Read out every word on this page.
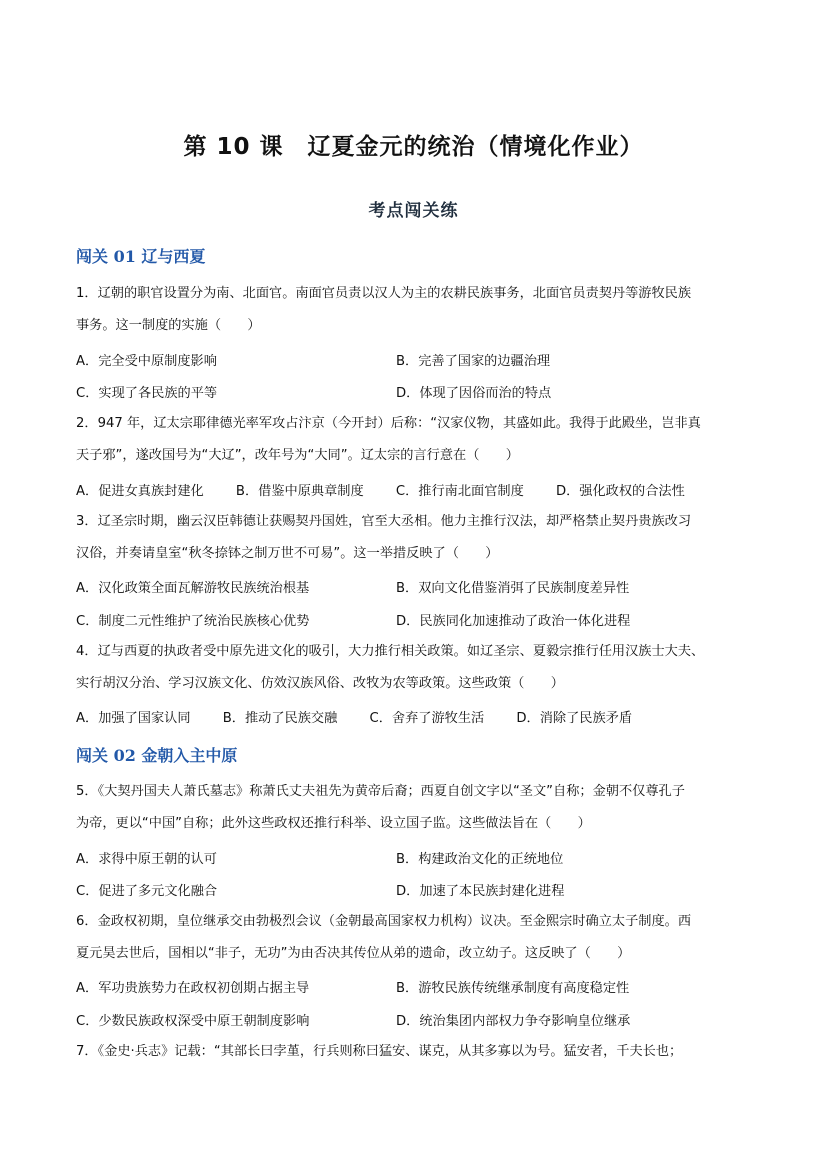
第 10 课　辽夏金元的统治（情境化作业）
考点闯关练
闯关 01 辽与西夏
1．辽朝的职官设置分为南、北面官。南面官员责以汉人为主的农耕民族事务，北面官员责契丹等游牧民族
事务。这一制度的实施（　　）
A．完全受中原制度影响	B．完善了国家的边疆治理
C．实现了各民族的平等	D．体现了因俗而治的特点
2．947 年，辽太宗耶律德光率军攻占汴京（今开封）后称：“汉家仪物，其盛如此。我得于此殿坐，岂非真
天子邪”，遂改国号为“大辽”，改年号为“大同”。辽太宗的言行意在（　　）
A．促进女真族封建化 B．借鉴中原典章制度 C．推行南北面官制度 D．强化政权的合法性
3．辽圣宗时期，幽云汉臣韩德让获赐契丹国姓，官至大丞相。他力主推行汉法，却严格禁止契丹贵族改习
汉俗，并奏请皇室“秋冬捺钵之制万世不可易”。这一举措反映了（　　）
A．汉化政策全面瓦解游牧民族统治根基	B．双向文化借鉴消弭了民族制度差异性
C．制度二元性维护了统治民族核心优势	D．民族同化加速推动了政治一体化进程
4．辽与西夏的执政者受中原先进文化的吸引，大力推行相关政策。如辽圣宗、夏毅宗推行任用汉族士大夫、
实行胡汉分治、学习汉族文化、仿效汉族风俗、改牧为农等政策。这些政策（　　）
A．加强了国家认同 B．推动了民族交融 C．舍弃了游牧生活 D．消除了民族矛盾
闯关 02 金朝入主中原
5．《大契丹国夫人萧氏墓志》称萧氏丈夫祖先为黄帝后裔；西夏自创文字以“圣文”自称；金朝不仅尊孔子
为帝，更以“中国”自称；此外这些政权还推行科举、设立国子监。这些做法旨在（　　）
A．求得中原王朝的认可	B．构建政治文化的正统地位
C．促进了多元文化融合	D．加速了本民族封建化进程
6．金政权初期，皇位继承交由勃极烈会议（金朝最高国家权力机构）议决。至金熙宗时确立太子制度。西
夏元昊去世后，国相以“非子，无功”为由否决其传位从弟的遗命，改立幼子。这反映了（　　）
A．军功贵族势力在政权初创期占据主导	B．游牧民族传统继承制度有高度稳定性
C．少数民族政权深受中原王朝制度影响	D．统治集团内部权力争夺影响皇位继承
7．《金史·兵志》记载：“其部长曰孛堇，行兵则称曰猛安、谋克，从其多寡以为号。猛安者，千夫长也；
